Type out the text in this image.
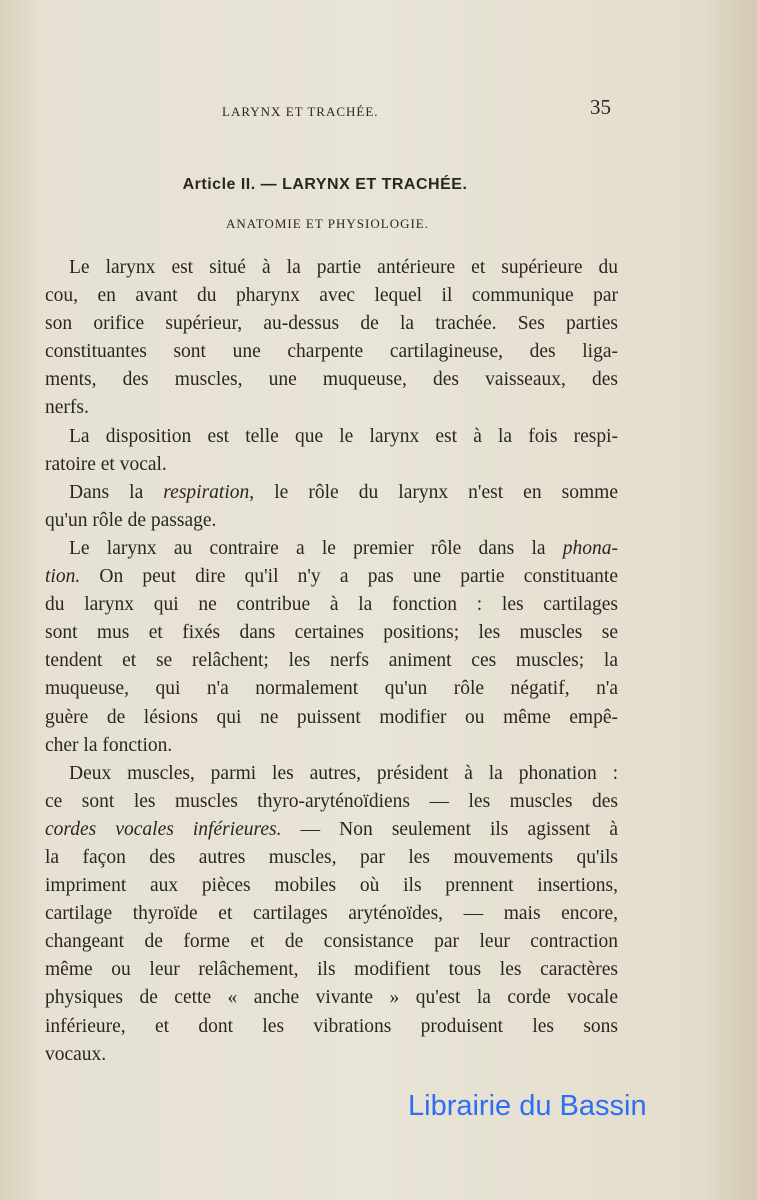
LARYNX ET TRACHÉE.	35
Article II. — LARYNX ET TRACHÉE.
ANATOMIE ET PHYSIOLOGIE.
Le larynx est situé à la partie antérieure et supérieure du
cou, en avant du pharynx avec lequel il communique par
son orifice supérieur, au-dessus de la trachée. Ses parties
constituantes sont une charpente cartilagineuse, des liga-
ments, des muscles, une muqueuse, des vaisseaux, des
nerfs.
La disposition est telle que le larynx est à la fois respi-
ratoire et vocal.
Dans la respiration, le rôle du larynx n'est en somme
qu'un rôle de passage.
Le larynx au contraire a le premier rôle dans la phona-
tion. On peut dire qu'il n'y a pas une partie constituante
du larynx qui ne contribue à la fonction : les cartilages
sont mus et fixés dans certaines positions; les muscles se
tendent et se relâchent; les nerfs animent ces muscles; la
muqueuse, qui n'a normalement qu'un rôle négatif, n'a
guère de lésions qui ne puissent modifier ou même empê-
cher la fonction.
Deux muscles, parmi les autres, président à la phonation :
ce sont les muscles thyro-aryténoïdiens — les muscles des
cordes vocales inférieures. — Non seulement ils agissent à
la façon des autres muscles, par les mouvements qu'ils
impriment aux pièces mobiles où ils prennent insertions,
cartilage thyroïde et cartilages aryténoïdes, — mais encore,
changeant de forme et de consistance par leur contraction
même ou leur relâchement, ils modifient tous les caractères
physiques de cette « anche vivante » qu'est la corde vocale
inférieure, et dont les vibrations produisent les sons
vocaux.
Librairie du Bassin
